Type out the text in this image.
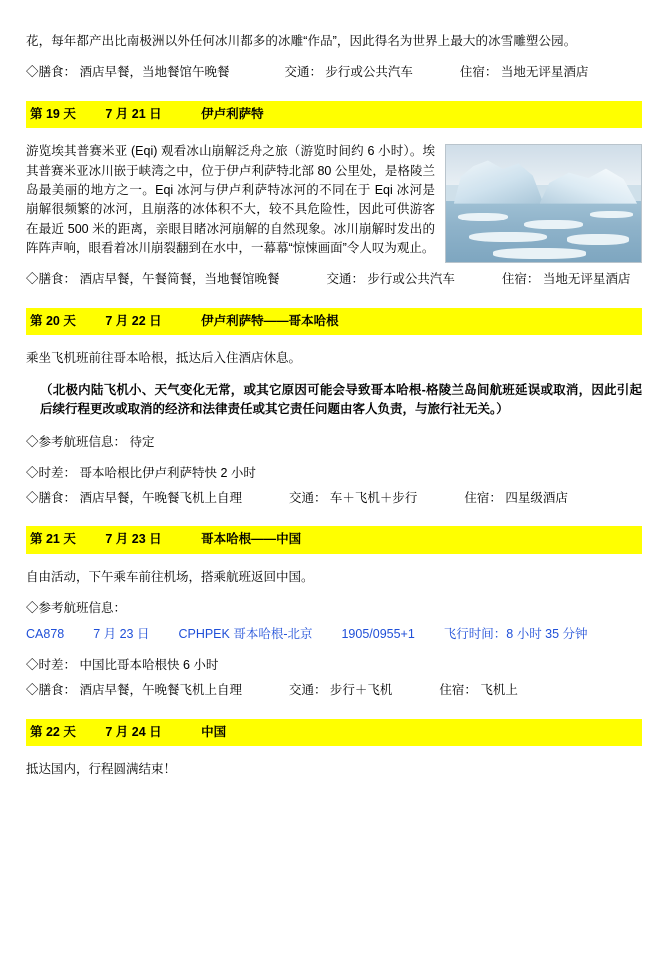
花，每年都产出比南极洲以外任何冰川都多的冰雕“作品”，因此得名为世界上最大的冰雪雕塑公园。

◇膳食： 酒店早餐，当地餐馆午晚餐	交通： 步行或公共汽车	住宿： 当地无评星酒店
第 19 天 7 月 21 日	伊卢利萨特

游览埃其普赛米亚 (Eqi) 观看冰山崩解泛舟之旅（游览时间约 6 小时）。埃其普赛米亚冰川嵌于峡湾之中，位于伊卢利萨特北部 80 公里处，是格陵兰岛最美丽的地方之一。Eqi 冰河与伊卢利萨特冰河的不同在于 Eqi 冰河是崩解很频繁的冰河，且崩落的冰体积不大，较不具危险性，因此可供游客在最近 500 米的距离，亲眼目睹冰河崩解的自然现象。冰川崩解时发出的阵阵声响，眼看着冰川崩裂翻到在水中，一幕幕“惊悚画面”令人叹为观止。

◇膳食： 酒店早餐，午餐简餐，当地餐馆晚餐	交通： 步行或公共汽车	住宿： 当地无评星酒店
第 20 天 7 月 22 日	伊卢利萨特——哥本哈根

乘坐飞机班前往哥本哈根，抵达后入住酒店休息。

（北极内陆飞机小、天气变化无常，或其它原因可能会导致哥本哈根-格陵兰岛间航班延误或取消，因此引起后续行程更改或取消的经济和法律责任或其它责任问题由客人负责，与旅行社无关。）

◇参考航班信息： 待定

◇时差： 哥本哈根比伊卢利萨特快 2 小时

◇膳食： 酒店早餐，午晚餐飞机上自理	交通： 车＋飞机＋步行	住宿： 四星级酒店
第 21 天 7 月 23 日	哥本哈根——中国

自由活动，下午乘车前往机场，搭乘航班返回中国。

◇参考航班信息：

CA878 7 月 23 日 CPHPEK 哥本哈根-北京 1905/0955+1 飞行时间：8 小时 35 分钟

◇时差： 中国比哥本哈根快 6 小时

◇膳食： 酒店早餐，午晚餐飞机上自理	交通： 步行＋飞机	住宿： 飞机上
第 22 天 7 月 24 日	中国

抵达国内，行程圆满结束！
